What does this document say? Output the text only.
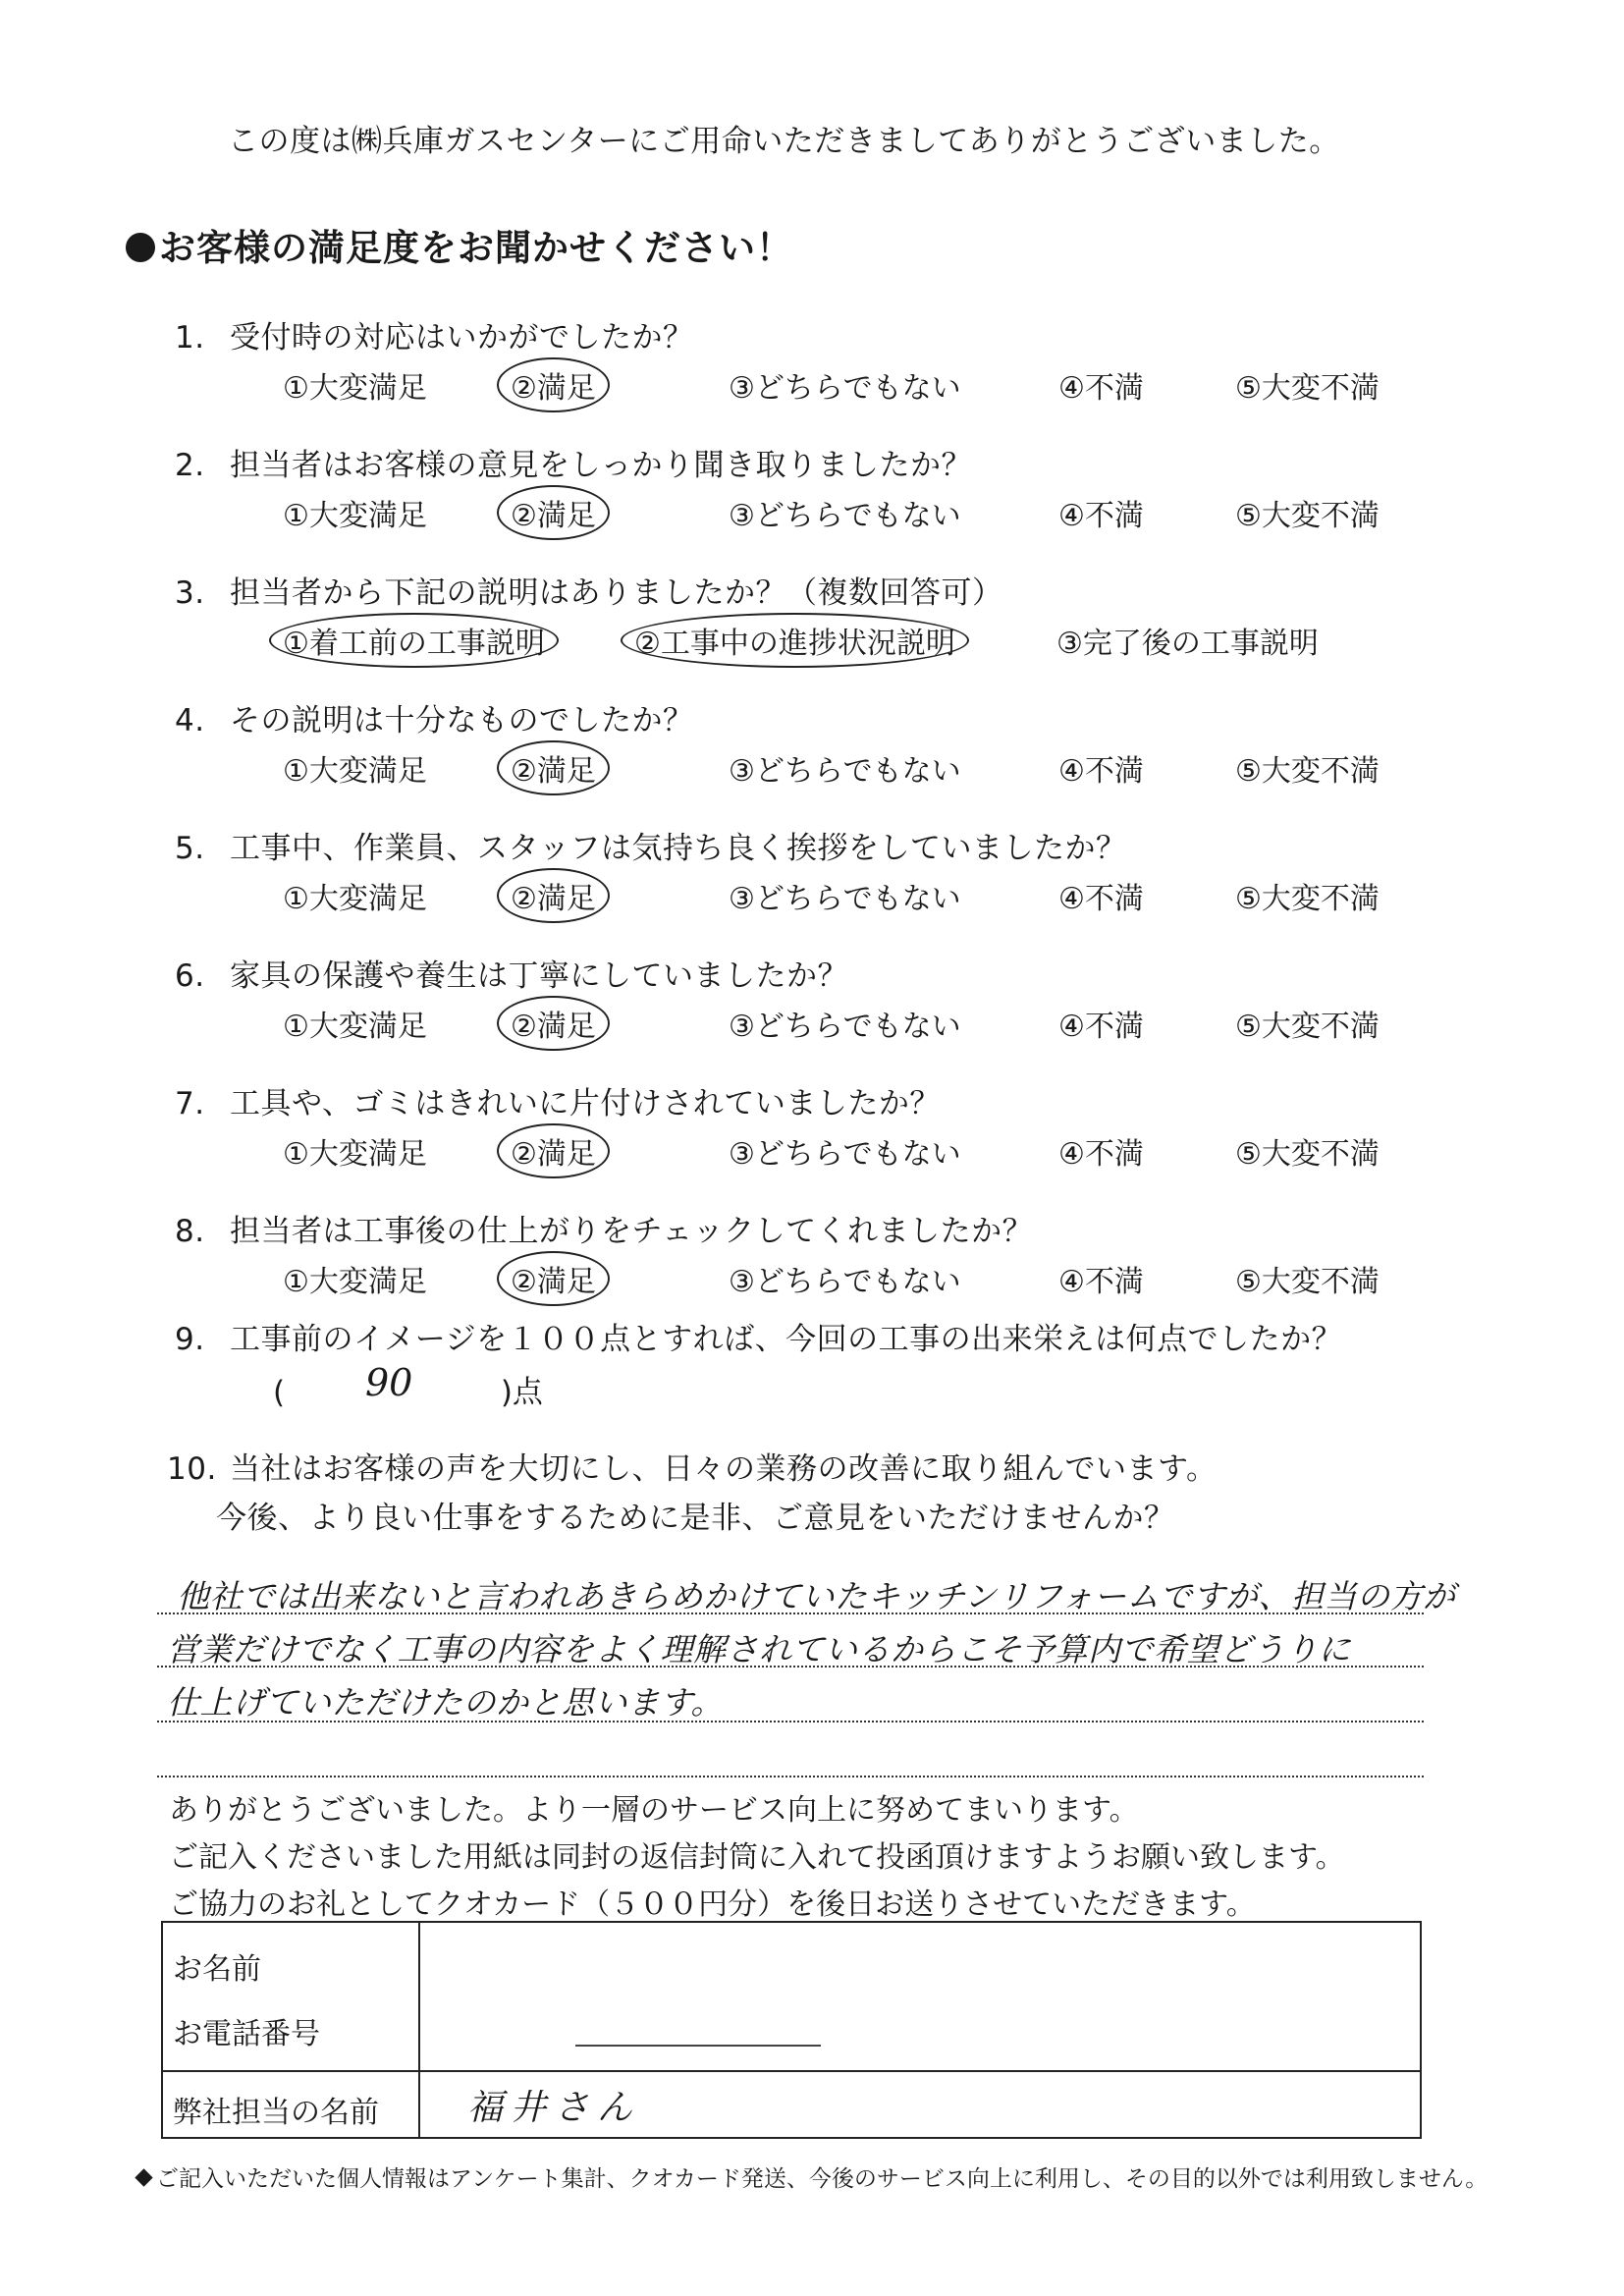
この度は㈱兵庫ガスセンターにご用命いただきましてありがとうございました。
お客様の満足度をお聞かせください！
1. 受付時の対応はいかがでしたか？
①大変満足	②満足	③どちらでもない	④不満	⑤大変不満
2. 担当者はお客様の意見をしっかり聞き取りましたか？
①大変満足	②満足	③どちらでもない	④不満	⑤大変不満
3. 担当者から下記の説明はありましたか？（複数回答可）
①着工前の工事説明	②工事中の進捗状況説明	③完了後の工事説明
4. その説明は十分なものでしたか？
①大変満足	②満足	③どちらでもない	④不満	⑤大変不満
5. 工事中、作業員、スタッフは気持ち良く挨拶をしていましたか？
①大変満足	②満足	③どちらでもない	④不満	⑤大変不満
6. 家具の保護や養生は丁寧にしていましたか？
①大変満足	②満足	③どちらでもない	④不満	⑤大変不満
7. 工具や、ゴミはきれいに片付けされていましたか？
①大変満足	②満足	③どちらでもない	④不満	⑤大変不満
8. 担当者は工事後の仕上がりをチェックしてくれましたか？
①大変満足	②満足	③どちらでもない	④不満	⑤大変不満
9. 工事前のイメージを１００点とすれば、今回の工事の出来栄えは何点でしたか？
(	)点
90
10. 当社はお客様の声を大切にし、日々の業務の改善に取り組んでいます。
今後、より良い仕事をするために是非、ご意見をいただけませんか？
他社では出来ないと言われあきらめかけていたキッチンリフォームですが、担当の方が
営業だけでなく工事の内容をよく理解されているからこそ予算内で希望どうりに
仕上げていただけたのかと思います。
ありがとうございました。より一層のサービス向上に努めてまいります。
ご記入くださいました用紙は同封の返信封筒に入れて投函頂けますようお願い致します。
ご協力のお礼としてクオカード（５００円分）を後日お送りさせていただきます。
お名前
お電話番号
弊社担当の名前	福井さん
ご記入いただいた個人情報はアンケート集計、クオカード発送、今後のサービス向上に利用し、その目的以外では利用致しません。
